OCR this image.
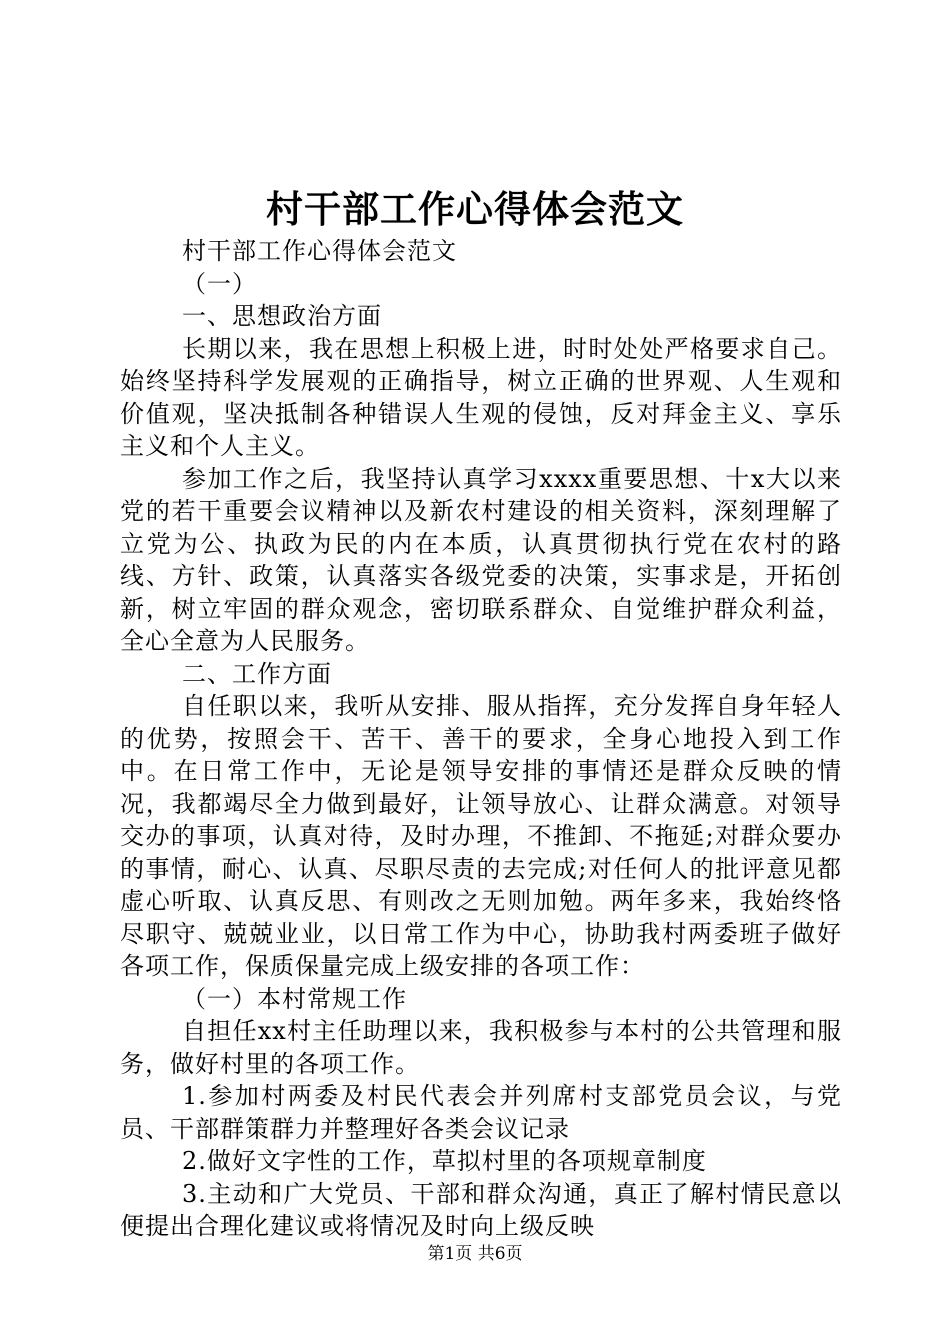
村干部工作心得体会范文

村干部工作心得体会范文

（一）

一、思想政治方面

长期以来，我在思想上积极上进，时时处处严格要求自己。始终坚持科学发展观的正确指导，树立正确的世界观、人生观和价值观，坚决抵制各种错误人生观的侵蚀，反对拜金主义、享乐主义和个人主义。

参加工作之后，我坚持认真学习xxxx重要思想、十x大以来党的若干重要会议精神以及新农村建设的相关资料，深刻理解了立党为公、执政为民的内在本质，认真贯彻执行党在农村的路线、方针、政策，认真落实各级党委的决策，实事求是，开拓创新，树立牢固的群众观念，密切联系群众、自觉维护群众利益，全心全意为人民服务。

二、工作方面

自任职以来，我听从安排、服从指挥，充分发挥自身年轻人的优势，按照会干、苦干、善干的要求，全身心地投入到工作中。在日常工作中，无论是领导安排的事情还是群众反映的情况，我都竭尽全力做到最好，让领导放心、让群众满意。对领导交办的事项，认真对待，及时办理，不推卸、不拖延;对群众要办的事情，耐心、认真、尽职尽责的去完成;对任何人的批评意见都虚心听取、认真反思、有则改之无则加勉。两年多来，我始终恪尽职守、兢兢业业，以日常工作为中心，协助我村两委班子做好各项工作，保质保量完成上级安排的各项工作：

（一）本村常规工作

自担任xx村主任助理以来，我积极参与本村的公共管理和服务，做好村里的各项工作。

1.参加村两委及村民代表会并列席村支部党员会议，与党员、干部群策群力并整理好各类会议记录

2.做好文字性的工作，草拟村里的各项规章制度

3.主动和广大党员、干部和群众沟通，真正了解村情民意以便提出合理化建议或将情况及时向上级反映

第1页 共6页
